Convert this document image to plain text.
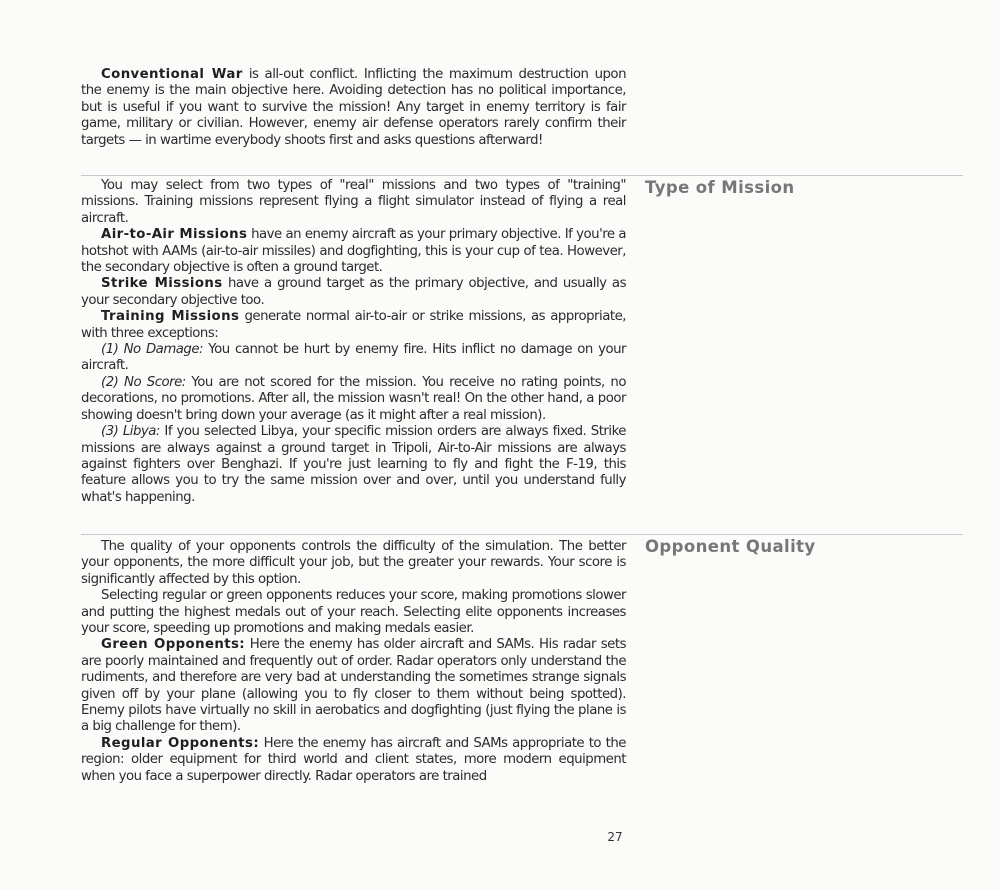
Conventional War is all-out conflict. Inflicting the maximum destruction upon the enemy is the main objective here. Avoiding detection has no political importance, but is useful if you want to survive the mission! Any target in enemy territory is fair game, military or civilian. However, enemy air defense operators rarely confirm their targets — in wartime everybody shoots first and asks questions afterward!

Type of Mission

You may select from two types of "real" missions and two types of "training" missions. Training missions represent flying a flight simulator instead of flying a real aircraft.

Air-to-Air Missions have an enemy aircraft as your primary objective. If you're a hotshot with AAMs (air-to-air missiles) and dogfighting, this is your cup of tea. However, the secondary objective is often a ground target.

Strike Missions have a ground target as the primary objective, and usually as your secondary objective too.

Training Missions generate normal air-to-air or strike missions, as appropriate, with three exceptions:

(1) No Damage: You cannot be hurt by enemy fire. Hits inflict no damage on your aircraft.

(2) No Score: You are not scored for the mission. You receive no rating points, no decorations, no promotions. After all, the mission wasn't real! On the other hand, a poor showing doesn't bring down your average (as it might after a real mission).

(3) Libya: If you selected Libya, your specific mission orders are always fixed. Strike missions are always against a ground target in Tripoli, Air-to-Air missions are always against fighters over Benghazi. If you're just learning to fly and fight the F-19, this feature allows you to try the same mission over and over, until you understand fully what's happening.

Opponent Quality

The quality of your opponents controls the difficulty of the simulation. The better your opponents, the more difficult your job, but the greater your rewards. Your score is significantly affected by this option.

Selecting regular or green opponents reduces your score, making promotions slower and putting the highest medals out of your reach. Selecting elite opponents increases your score, speeding up promotions and making medals easier.

Green Opponents: Here the enemy has older aircraft and SAMs. His radar sets are poorly maintained and frequently out of order. Radar operators only understand the rudiments, and therefore are very bad at understanding the sometimes strange signals given off by your plane (allowing you to fly closer to them without being spotted). Enemy pilots have virtually no skill in aerobatics and dogfighting (just flying the plane is a big challenge for them).

Regular Opponents: Here the enemy has aircraft and SAMs appropriate to the region: older equipment for third world and client states, more modern equipment when you face a superpower directly. Radar operators are trained

27
